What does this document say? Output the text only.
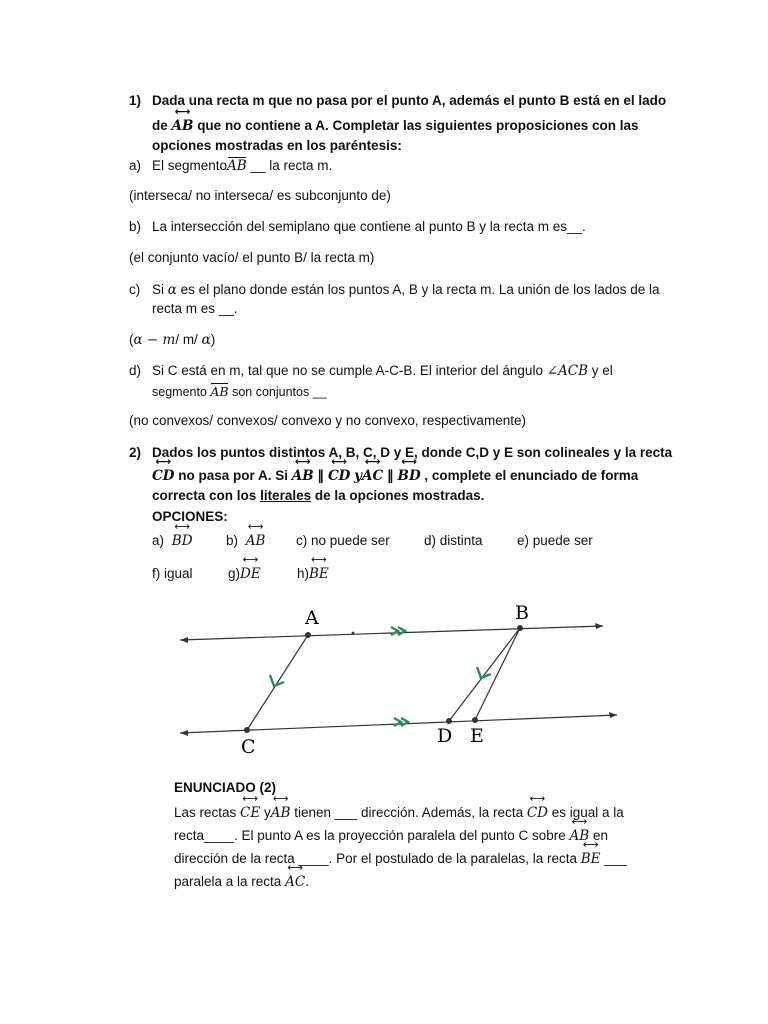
1) Dada una recta m que no pasa por el punto A, además el punto B está en el lado
de ⟷ AB que no contiene a A. Completar las siguientes proposiciones con las
opciones mostradas en los paréntesis:
a) El segmentoAB __ la recta m.
(interseca/ no interseca/ es subconjunto de)
b) La intersección del semiplano que contiene al punto B y la recta m es__.
(el conjunto vacío/ el punto B/ la recta m)
c) Si α es el plano donde están los puntos A, B y la recta m. La unión de los lados de la
recta m es __.
(α − m/ m/ α)
d) Si C está en m, tal que no se cumple A-C-B. El interior del ángulo ∠ACB y el
segmento AB son conjuntos __
(no convexos/ convexos/ convexo y no convexo, respectivamente)
2) Dados los puntos distintos A, B, C, D y E, donde C,D y E son colineales y la recta
⟷ CD no pasa por A. Si ⟷ AB ∥ ⟷ CD y⟷ AC ∥ ⟷ BD , complete el enunciado de forma
correcta con los literales de la opciones mostradas.
OPCIONES:
a) ⟷ BD b) ⟷ AB c) no puede ser	d) distinta	e) puede ser
f) igual	g)⟷ DE	h)⟷ BE
A	B
C	D E
ENUNCIADO (2)
Las rectas ⟷ CE y⟷ AB tienen ___ dirección. Además, la recta ⟷ CD es igual a la
recta____. El punto A es la proyección paralela del punto C sobre ⟷ AB en
dirección de la recta ____. Por el postulado de la paralelas, la recta ⟷ BE ___
paralela a la recta ⟷ AC.
